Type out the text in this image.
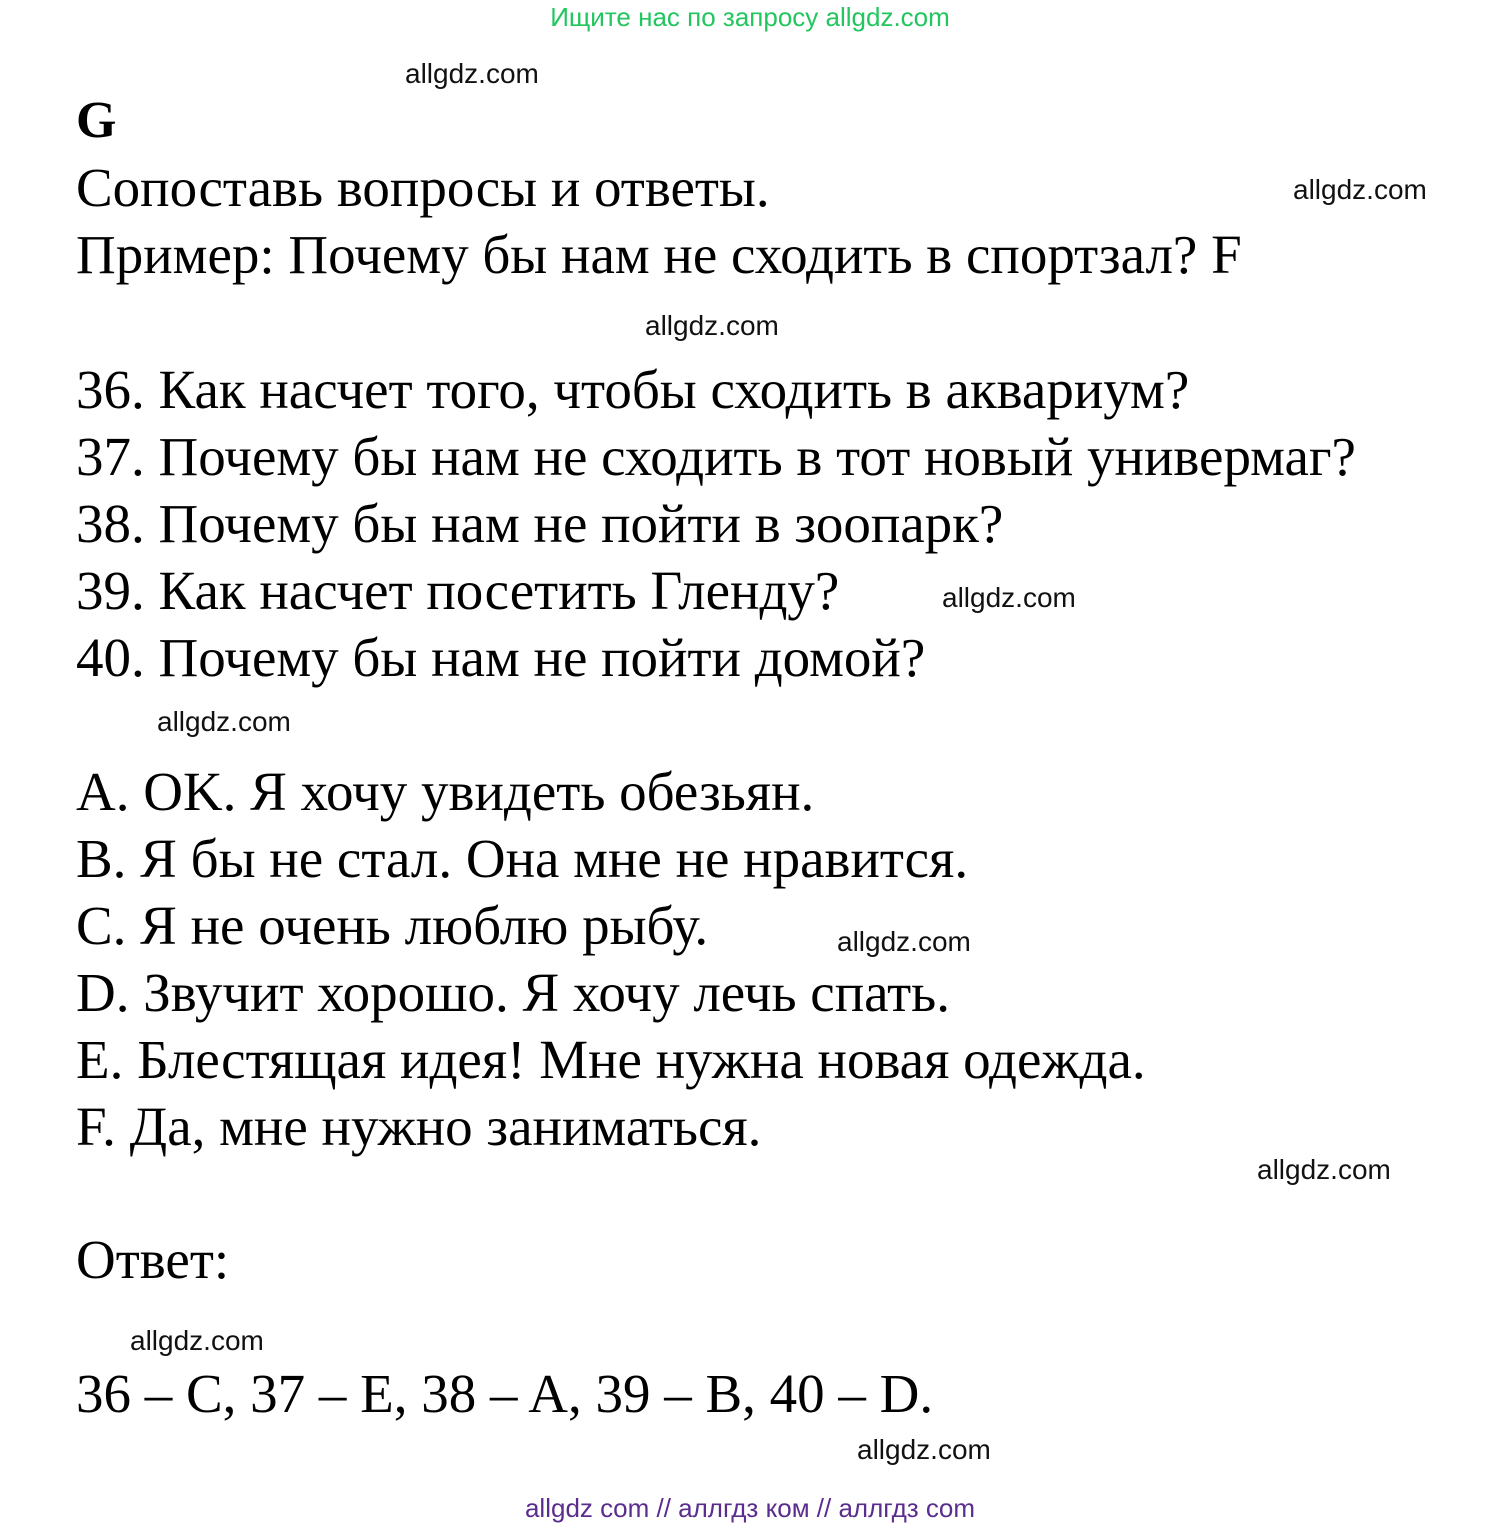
Ищите нас по запросу allgdz.com
allgdz.com
G
Сопоставь вопросы и ответы.	allgdz.com
Пример: Почему бы нам не сходить в спортзал? F
allgdz.com
36. Как насчет того, чтобы сходить в аквариум?
37. Почему бы нам не сходить в тот новый универмаг?
38. Почему бы нам не пойти в зоопарк?
39. Как насчет посетить Гленду?	allgdz.com
40. Почему бы нам не пойти домой?
allgdz.com
A. OK. Я хочу увидеть обезьян.
B. Я бы не стал. Она мне не нравится.
C. Я не очень люблю рыбу.	allgdz.com
D. Звучит хорошо. Я хочу лечь спать.
E. Блестящая идея! Мне нужна новая одежда.
F. Да, мне нужно заниматься.
allgdz.com
Ответ:
allgdz.com
36 – C, 37 – E, 38 – A, 39 – B, 40 – D.
allgdz.com
allgdz com // аллгдз ком // аллгдз com
